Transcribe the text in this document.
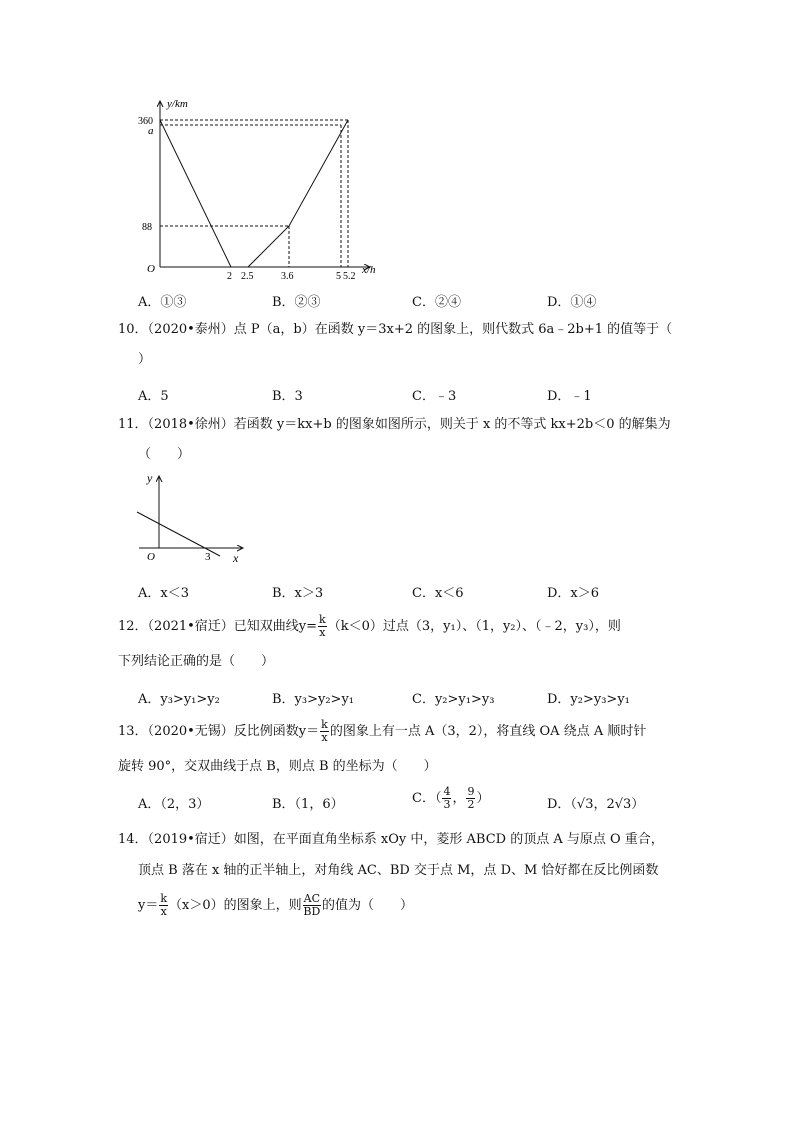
y/km
x/h
O
360
a
88
2 2.5	3.6	5 5.2
A．①③	B．②③	C．②④	D．①④
10．（2020•泰州）点 P（a，b）在函数 y＝3x+2 的图象上，则代数式 6a﹣2b+1 的值等于（
）
A．5	B．3	C．﹣3	D．﹣1
11．（2018•徐州）若函数 y＝kx+b 的图象如图所示，则关于 x 的不等式 kx+2b＜0 的解集为
（　　）
y
x
O	3
A．x＜3	B．x＞3	C．x＜6	D．x＞6
12．（2021•宿迁）已知双曲线$y= \frac{k}{x} (k<0)$过点（3，y₁）、（1，y₂）、（﹣2，y₃），则
下列结论正确的是（　　）
A．y₃>y₁>y₂	B．y₃>y₂>y₁	C．y₂>y₁>y₃	D．y₂>y₃>y₁
13．（2020•无锡）反比例函数$y= \frac{k}{x}$ 的图象上有一点 A（3，2），将直线 OA 绕点 A 顺时针
旋转 90°，交双曲线于点 B，则点 B 的坐标为（　　）
A．（2，3）	B．（1，6）	C．（ $\frac{4}{3}$ ， $\frac{9}{2}$ ）	D．（√3，2√3）
14．（2019•宿迁）如图，在平面直角坐标系 xOy 中，菱形 ABCD 的顶点 A 与原点 O 重合，
顶点 B 落在 x 轴的正半轴上，对角线 AC、BD 交于点 M，点 D、M 恰好都在反比例函数
$y= \frac{k}{x} (x>0)$的图象上，则 $\frac{AC}{BD}$ 的值为（　　）
